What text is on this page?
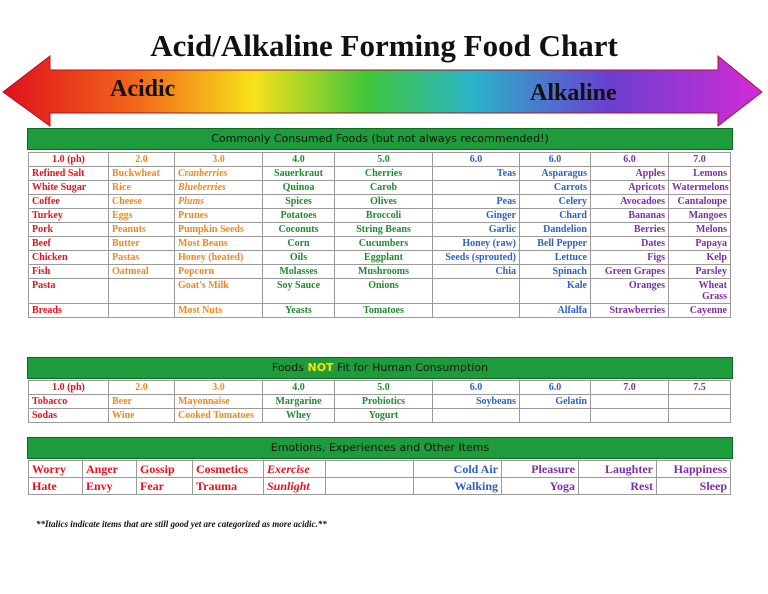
Acid/Alkaline Forming Food Chart
Acidic	Alkaline
Commonly Consumed Foods (but not always recommended!)
1.0 (ph)	2.0	3.0	4.0	5.0	6.0	6.0	6.0	7.0
Refined Salt	Buckwheat	Cranberries	Sauerkraut	Cherries	Teas	Asparagus	Apples	Lemons
White Sugar	Rice	Blueberries	Quinoa	Carob		Carrots	Apricots	Watermelons
Coffee	Cheese	Plums	Spices	Olives	Peas	Celery	Avocadoes	Cantaloupe
Turkey	Eggs	Prunes	Potatoes	Broccoli	Ginger	Chard	Bananas	Mangoes
Pork	Peanuts	Pumpkin Seeds	Coconuts	String Beans	Garlic	Dandelion	Berries	Melons
Beef	Butter	Most Beans	Corn	Cucumbers	Honey (raw)	Bell Pepper	Dates	Papaya
Chicken	Pastas	Honey (heated)	Oils	Eggplant	Seeds (sprouted)	Lettuce	Figs	Kelp
Fish	Oatmeal	Popcorn	Molasses	Mushrooms	Chia	Spinach	Green Grapes	Parsley
Pasta		Goat's Milk	Soy Sauce	Onions		Kale	Oranges	Wheat Grass
Breads		Most Nuts	Yeasts	Tomatoes		Alfalfa	Strawberries	Cayenne
Foods NOT Fit for Human Consumption
1.0 (ph)	2.0	3.0	4.0	5.0	6.0	6.0	7.0	7.5
Tobacco	Beer	Mayonnaise	Margarine	Probiotics	Soybeans	Gelatin		
Sodas	Wine	Cooked Tomatoes	Whey	Yogurt				
Emotions, Experiences and Other Items
Worry	Anger	Gossip	Cosmetics	Exercise		Cold Air	Pleasure	Laughter	Happiness
Hate	Envy	Fear	Trauma	Sunlight		Walking	Yoga	Rest	Sleep
**Italics indicate items that are still good yet are categorized as more acidic.**
